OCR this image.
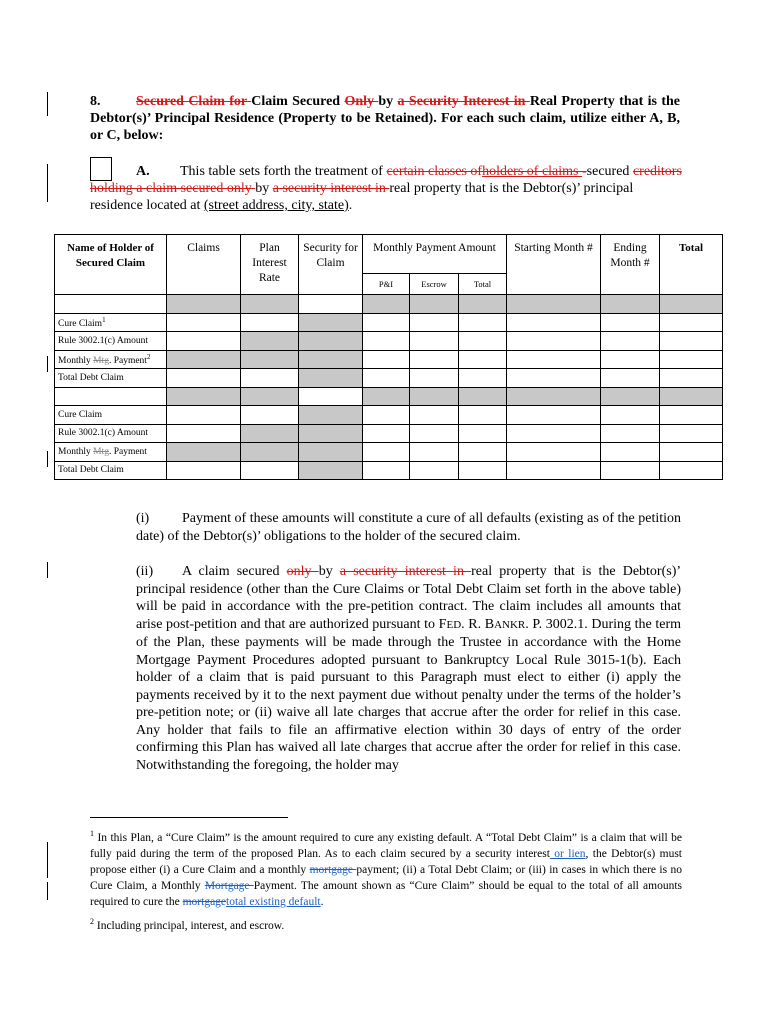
8.	Secured Claim for Claim Secured Only by a Security Interest in Real Property that is the Debtor(s)’ Principal Residence (Property to be Retained). For each such claim, utilize either A, B, or C, below:
A. This table sets forth the treatment of certain classes ofholders of claims -secured creditors holding a claim secured only by a security interest in real property that is the Debtor(s)’ principal residence located at (street address, city, state).
Name of Holder of Secured Claim	Claims	Plan Interest Rate	Security for Claim	Monthly Payment Amount			Starting Month #	Ending Month #	Total
				P&I	Escrow	Total			

Cure Claim$^1$									
Rule 3002.1(c) Amount									
Monthly Mtg. Payment$^2$									
Total Debt Claim									

Cure Claim									
Rule 3002.1(c) Amount									
Monthly Mtg. Payment									
Total Debt Claim									
(i) Payment of these amounts will constitute a cure of all defaults (existing as of the petition date) of the Debtor(s)’ obligations to the holder of the secured claim.
(ii) A claim secured only by a security interest in real property that is the Debtor(s)’ principal residence (other than the Cure Claims or Total Debt Claim set forth in the above table) will be paid in accordance with the pre-petition contract. The claim includes all amounts that arise post-petition and that are authorized pursuant to FED. R. BANKR. P. 3002.1. During the term of the Plan, these payments will be made through the Trustee in accordance with the Home Mortgage Payment Procedures adopted pursuant to Bankruptcy Local Rule 3015-1(b). Each holder of a claim that is paid pursuant to this Paragraph must elect to either (i) apply the payments received by it to the next payment due without penalty under the terms of the holder’s pre-petition note; or (ii) waive all late charges that accrue after the order for relief in this case. Any holder that fails to file an affirmative election within 30 days of entry of the order confirming this Plan has waived all late charges that accrue after the order for relief in this case. Notwithstanding the foregoing, the holder may
$^1$ In this Plan, a “Cure Claim” is the amount required to cure any existing default. A “Total Debt Claim” is a claim that will be fully paid during the term of the proposed Plan. As to each claim secured by a security interest or lien, the Debtor(s) must propose either (i) a Cure Claim and a monthly mortgage payment; (ii) a Total Debt Claim; or (iii) in cases in which there is no Cure Claim, a Monthly Mortgage Payment. The amount shown as “Cure Claim” should be equal to the total of all amounts required to cure the mortgagetotal existing default.
$^2$ Including principal, interest, and escrow.
